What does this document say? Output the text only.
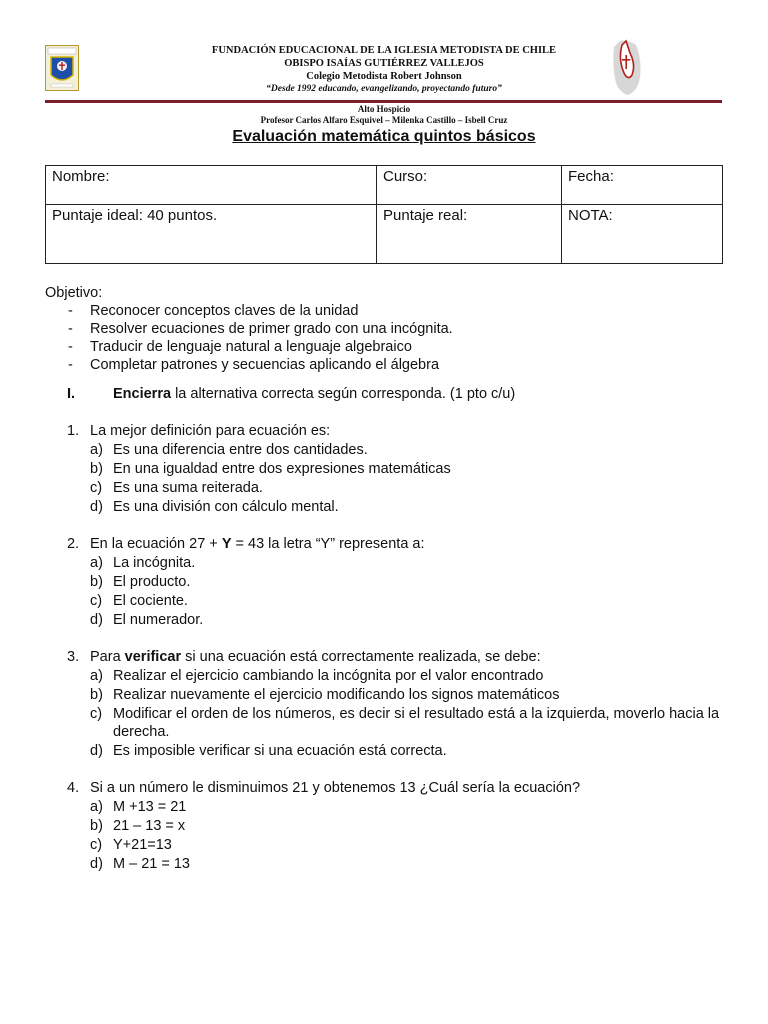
FUNDACIÓN EDUCACIONAL DE LA IGLESIA METODISTA DE CHILE
OBISPO ISAÍAS GUTIÉRREZ VALLEJOS
Colegio Metodista Robert Johnson
“Desde 1992 educando, evangelizando, proyectando futuro”
Alto Hospicio
Profesor Carlos Alfaro Esquivel – Milenka Castillo – Isbell Cruz
Evaluación matemática quintos básicos
Nombre:	Curso:	Fecha:
Puntaje ideal: 40 puntos.	Puntaje real:	NOTA:
Objetivo:
- Reconocer conceptos claves de la unidad
- Resolver ecuaciones de primer grado con una incógnita.
- Traducir de lenguaje natural a lenguaje algebraico
- Completar patrones y secuencias aplicando el álgebra
I.	Encierra la alternativa correcta según corresponda. (1 pto c/u)
1. La mejor definición para ecuación es:
a) Es una diferencia entre dos cantidades.
b) En una igualdad entre dos expresiones matemáticas
c) Es una suma reiterada.
d) Es una división con cálculo mental.
2. En la ecuación 27 + Y = 43 la letra “Y” representa a:
a) La incógnita.
b) El producto.
c) El cociente.
d) El numerador.
3. Para verificar si una ecuación está correctamente realizada, se debe:
a) Realizar el ejercicio cambiando la incógnita por el valor encontrado
b) Realizar nuevamente el ejercicio modificando los signos matemáticos
c) Modificar el orden de los números, es decir si el resultado está a la izquierda, moverlo hacia la derecha.
d) Es imposible verificar si una ecuación está correcta.
4. Si a un número le disminuimos 21 y obtenemos 13 ¿Cuál sería la ecuación?
a) M +13 = 21
b) 21 – 13 = x
c) Y+21=13
d) M – 21 = 13
